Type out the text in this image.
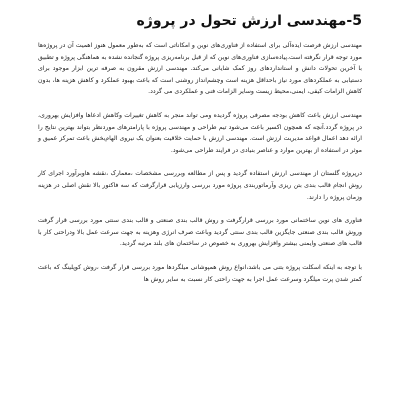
5-مهندسی ارزش تحول در پروژه

مهندسی ارزش فرصت ایده‌آلی برای استفاده از فناوری‌های نوین و امکاناتی است که به‌طور معمول هنوز اهمیت آن در پروژه‌ها مورد توجه قرار نگرفته است.پیاده‌سازی فناوری‌های نوین که از قبل برنامه‌ریزی پروژه گنجانده نشده به هماهنگی پروژه و تطبیق با آخرین تحولات دانش و استانداردهای روز کمک شایانی می‌کند. مهندسی ارزش مقرون به صرفه ترین ابزار موجود برای دستیابی به عملکردهای مورد نیاز باحداقل هزینه است وچشم‌انداز روشنی است که باعث بهبود عملکرد و کاهش هزینه ها، بدون کاهش الزامات کیفی، ایمنی،محیط زیست وسایر الزامات فنی و عملکردی می گردد.

مهندسی ارزش باعث کاهش بودجه مصرفی پروژه گردیده ومی تواند منجر به کاهش تغییرات وکاهش ادعاها وافزایش بهروری، در پروژه گردد.آنچه که همچون اکسیر باعث می‌شود تیم طراحی و مهندسی پروژه با پارامترهای موردنظر بتواند بهترین نتایج را ارائه دهد اعمال قواعد مدیریت ارزش است. مهندسی ارزش با حمایت خلاقیت بعنوان یک نیروی الهام‌بخش باعث تمرکز عمیق و موثر در استفاده از بهترین موارد و عناصر بنیادی در فرایند طراحی می‌شود.

درپروژه گلستان از مهندسی ارزش استفاده گردید و پس از مطالعه وبررسی مشخصات ،معمارک ،نقشه هاوبرآورد اجرای کار روش انجام قالب بندی بتن ریزی وآرماتوربندی پروژه مورد بررسی وارزیابی قرارگرفت که سه فاکتور بالا نقش اصلی در هزینه وزمان پروژه را دارند.

فناوری های نوین ساختمانی مورد بررسی قرارگرفت و روش قالب بندی صنعتی و قالب بندی سنتی مورد بررسی قرار گرفت وروش قالب بندی صنعتی جایگزین قالب بندی سنتی گردید وباعث صرف انرژی وهزینه به جهت سرعت عمل بالا ودراحتی کار با قالب های صنعتی وایمنی بیشتر وافزایش بهروری به خصوص در ساختمان های بلند مرتبه گردید.

با توجه به اینکه اسکلت پروژه بتنی می باشد،انواع روش همپوشانی میلگردها مورد بررسی قرار گرفت ،روش کوپلینگ که باعث کمتر شدن پرت میلگرد وسرعت عمل اجرا به جهت راحتی کار نسبت به سایر روش ها
